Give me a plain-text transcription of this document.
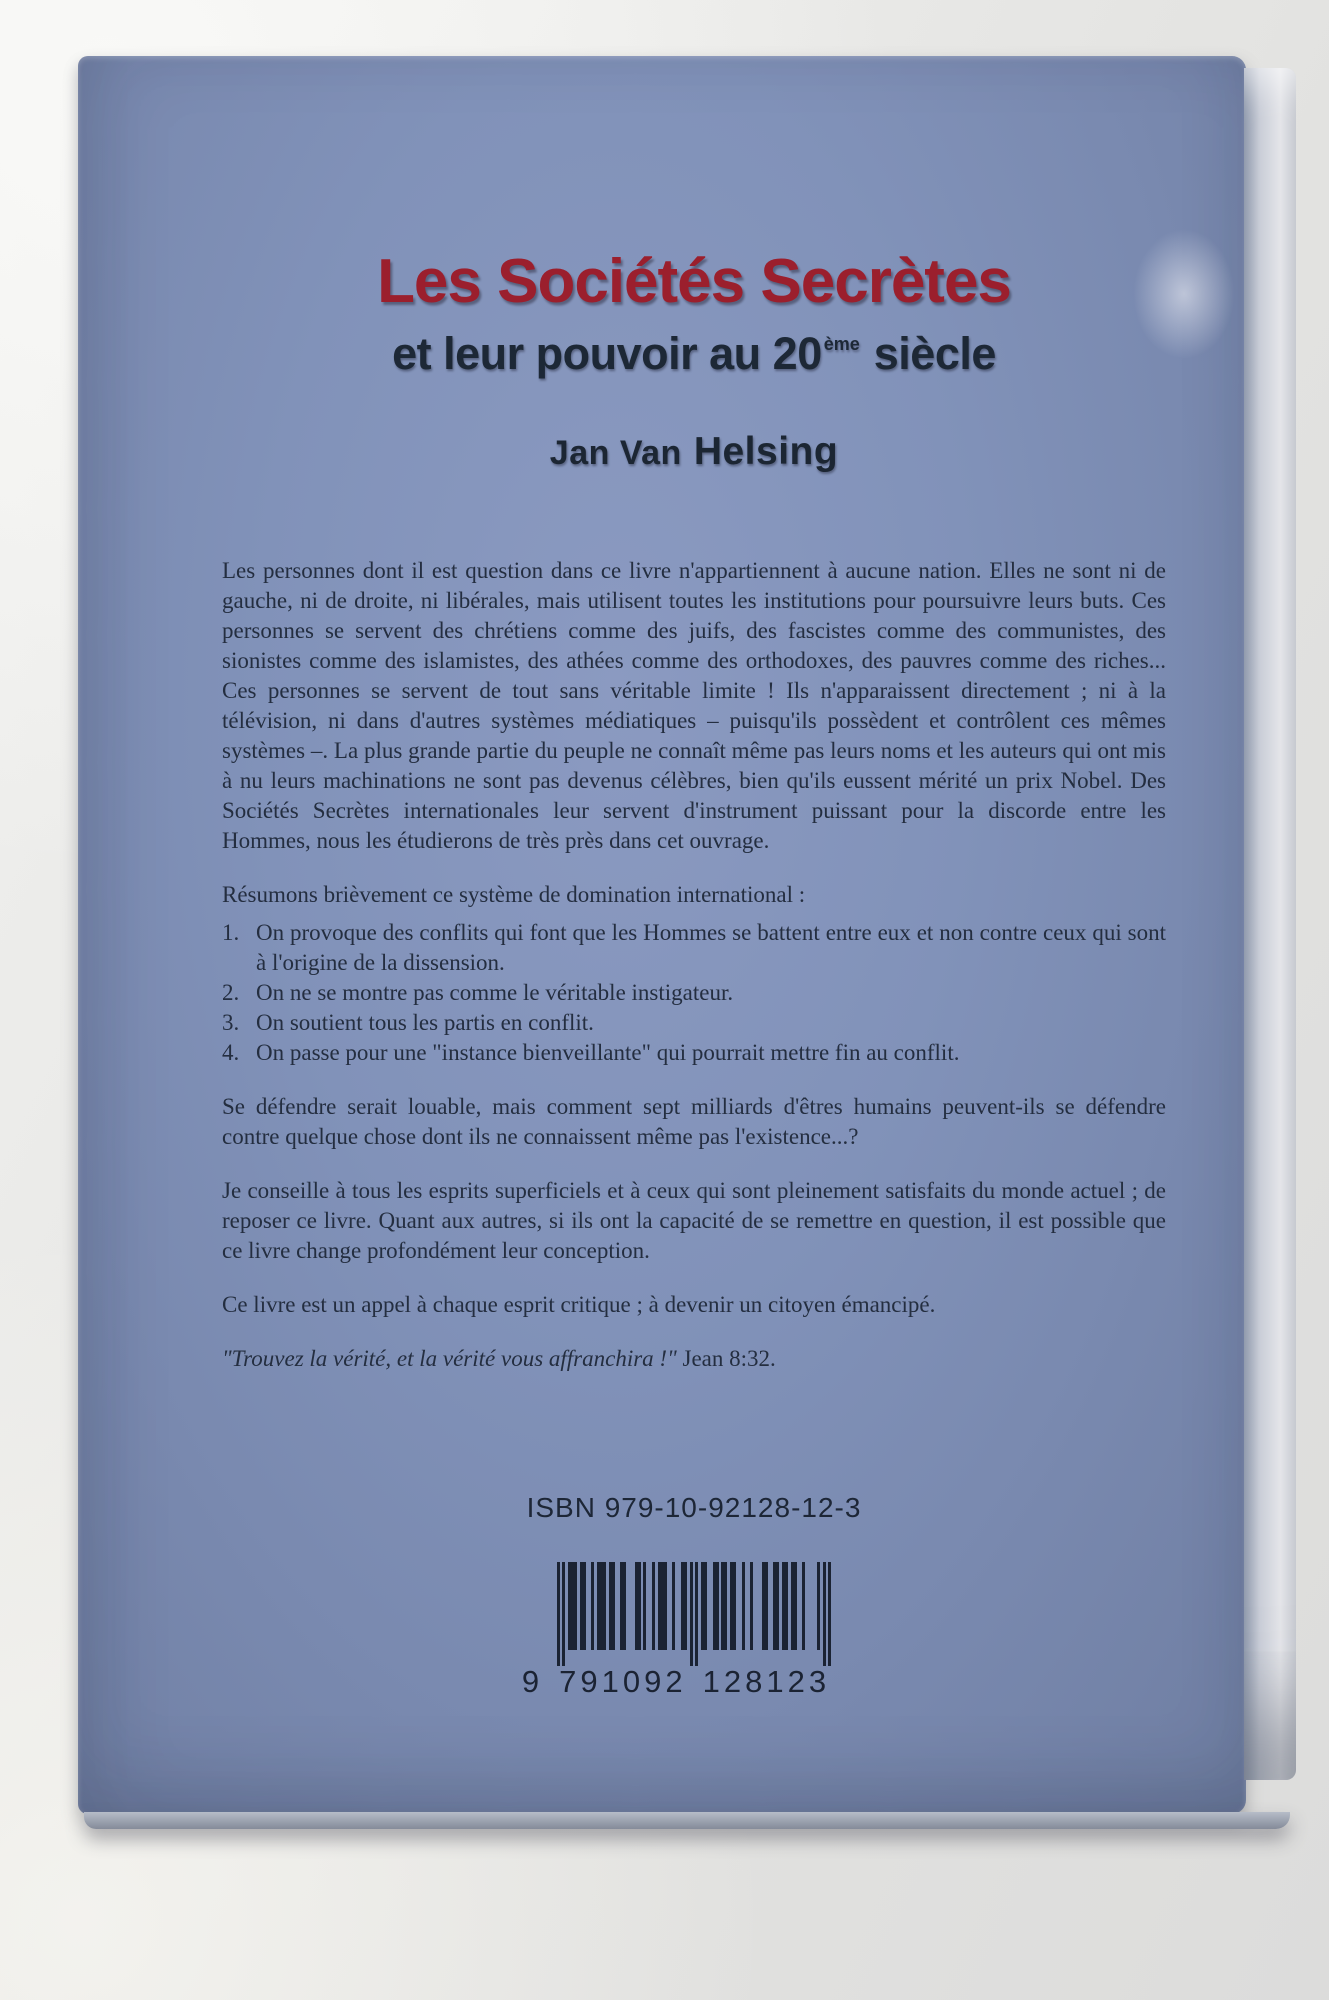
Les Sociétés Secrètes
et leur pouvoir au 20 $^{ème}$ siècle
Jan Van Helsing

Les personnes dont il est question dans ce livre n'appartiennent à aucune nation. Elles ne sont ni de gauche, ni de droite, ni libérales, mais utilisent toutes les institutions pour poursuivre leurs buts. Ces personnes se servent des chrétiens comme des juifs, des fascistes comme des communistes, des sionistes comme des islamistes, des athées comme des orthodoxes, des pauvres comme des riches... Ces personnes se servent de tout sans véritable limite ! Ils n'apparaissent directement ; ni à la télévision, ni dans d'autres systèmes médiatiques – puisqu'ils possèdent et contrôlent ces mêmes systèmes –. La plus grande partie du peuple ne connaît même pas leurs noms et les auteurs qui ont mis à nu leurs machinations ne sont pas devenus célèbres, bien qu'ils eussent mérité un prix Nobel. Des Sociétés Secrètes internationales leur servent d'instrument puissant pour la discorde entre les Hommes, nous les étudierons de très près dans cet ouvrage.

Résumons brièvement ce système de domination international :

1. On provoque des conflits qui font que les Hommes se battent entre eux et non contre ceux qui sont à l'origine de la dissension.
2. On ne se montre pas comme le véritable instigateur.
3. On soutient tous les partis en conflit.
4. On passe pour une "instance bienveillante" qui pourrait mettre fin au conflit.

Se défendre serait louable, mais comment sept milliards d'êtres humains peuvent-ils se défendre contre quelque chose dont ils ne connaissent même pas l'existence...?

Je conseille à tous les esprits superficiels et à ceux qui sont pleinement satisfaits du monde actuel ; de reposer ce livre. Quant aux autres, si ils ont la capacité de se remettre en question, il est possible que ce livre change profondément leur conception.

Ce livre est un appel à chaque esprit critique ; à devenir un citoyen émancipé.

"Trouvez la vérité, et la vérité vous affranchira !" Jean 8:32.

ISBN 979-10-92128-12-3
9 791092 128123
